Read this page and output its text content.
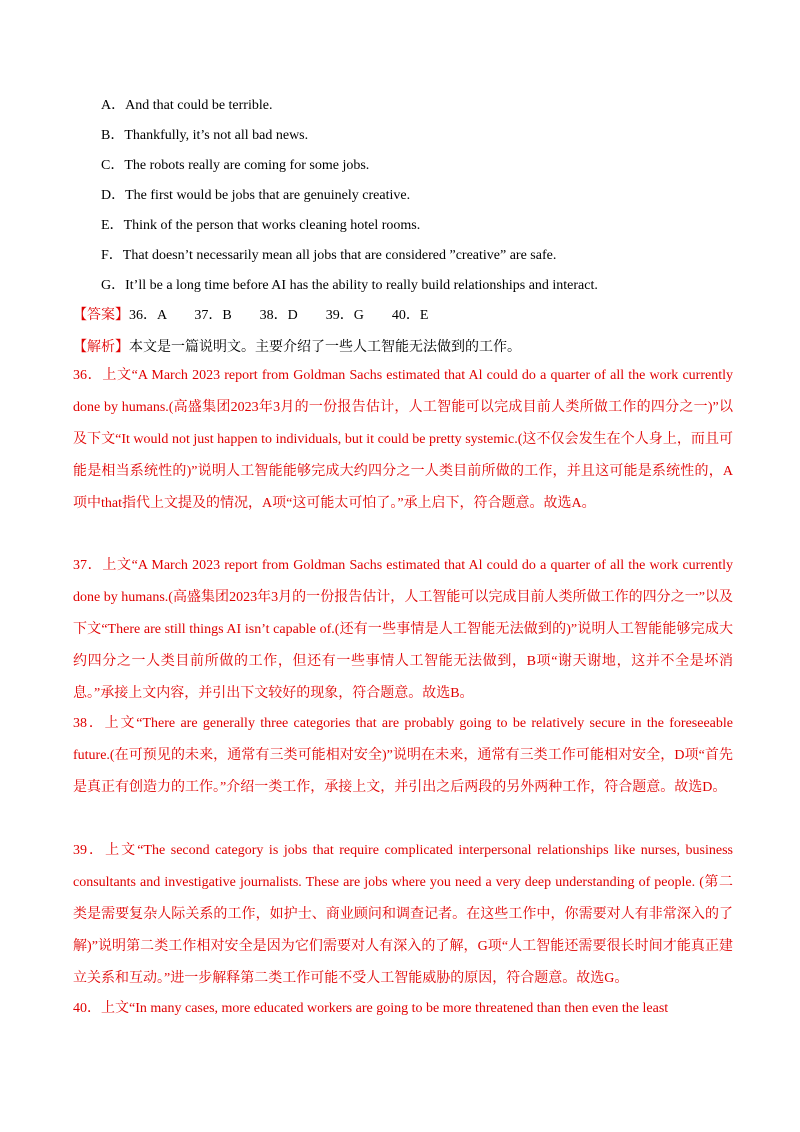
A．And that could be terrible.
B．Thankfully, it’s not all bad news.
C．The robots really are coming for some jobs.
D．The first would be jobs that are genuinely creative.
E．Think of the person that works cleaning hotel rooms.
F．That doesn’t necessarily mean all jobs that are considered ”creative” are safe.
G．It’ll be a long time before AI has the ability to really build relationships and interact.
【答案】36．A　　37．B　　38．D　　39．G　　40．E
【解析】本文是一篇说明文。主要介绍了一些人工智能无法做到的工作。
36．上文“A March 2023 report from Goldman Sachs estimated that Al could do a quarter of all the work currently done by humans.(高盛集团2023年3月的一份报告估计，人工智能可以完成目前人类所做工作的四分之一)”以及下文“It would not just happen to individuals, but it could be pretty systemic.(这不仅会发生在个人身上，而且可能是相当系统性的)”说明人工智能能够完成大约四分之一人类目前所做的工作，并且这可能是系统性的，A项中that指代上文提及的情况，A项“这可能太可怕了。”承上启下，符合题意。故选A。
37．上文“A March 2023 report from Goldman Sachs estimated that Al could do a quarter of all the work currently done by humans.(高盛集团2023年3月的一份报告估计，人工智能可以完成目前人类所做工作的四分之一”以及下文“There are still things AI isn’t capable of.(还有一些事情是人工智能无法做到的)”说明人工智能能够完成大约四分之一人类目前所做的工作，但还有一些事情人工智能无法做到，B项“谢天谢地，这并不全是坏消息。”承接上文内容，并引出下文较好的现象，符合题意。故选B。
38．上文“There are generally three categories that are probably going to be relatively secure in the foreseeable future.(在可预见的未来，通常有三类可能相对安全)”说明在未来，通常有三类工作可能相对安全，D项“首先是真正有创造力的工作。”介绍一类工作，承接上文，并引出之后两段的另外两种工作，符合题意。故选D。
39．上文“The second category is jobs that require complicated interpersonal relationships like nurses, business consultants and investigative journalists. These are jobs where you need a very deep understanding of people. (第二类是需要复杂人际关系的工作，如护士、商业顾问和调查记者。在这些工作中，你需要对人有非常深入的了解)”说明第二类工作相对安全是因为它们需要对人有深入的了解，G项“人工智能还需要很长时间才能真正建立关系和互动。”进一步解释第二类工作可能不受人工智能威胁的原因，符合题意。故选G。
40．上文“In many cases, more educated workers are going to be more threatened than then even the least
